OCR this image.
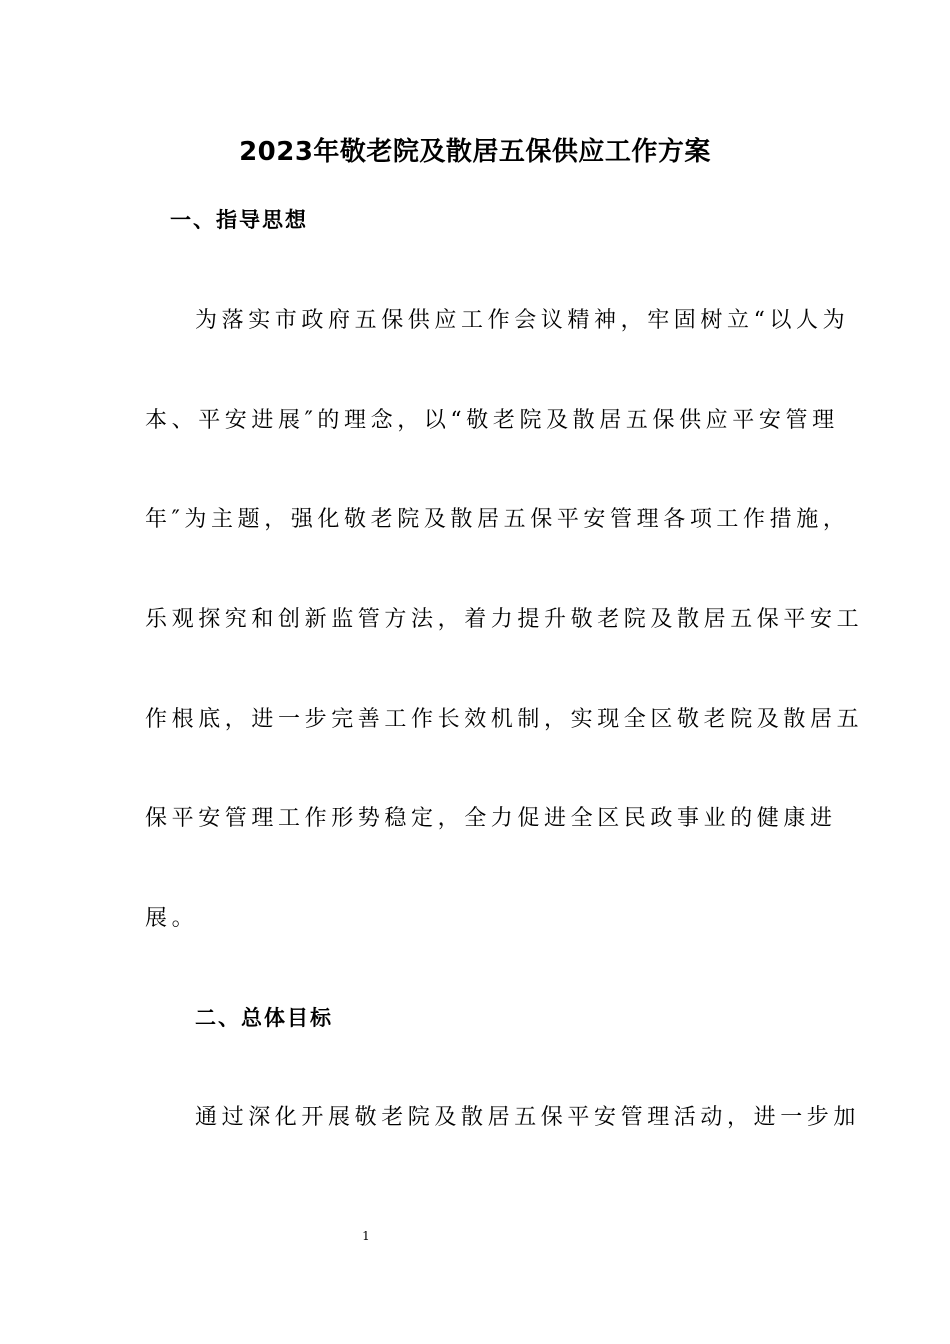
2023年敬老院及散居五保供应工作方案
一、指导思想
为落实市政府五保供应工作会议精神，牢固树立“以人为
本、平安进展″的理念，以“敬老院及散居五保供应平安管理
年″为主题，强化敬老院及散居五保平安管理各项工作措施，
乐观探究和创新监管方法，着力提升敬老院及散居五保平安工
作根底，进一步完善工作长效机制，实现全区敬老院及散居五
保平安管理工作形势稳定，全力促进全区民政事业的健康进
展。
二、总体目标
通过深化开展敬老院及散居五保平安管理活动，进一步加
1
